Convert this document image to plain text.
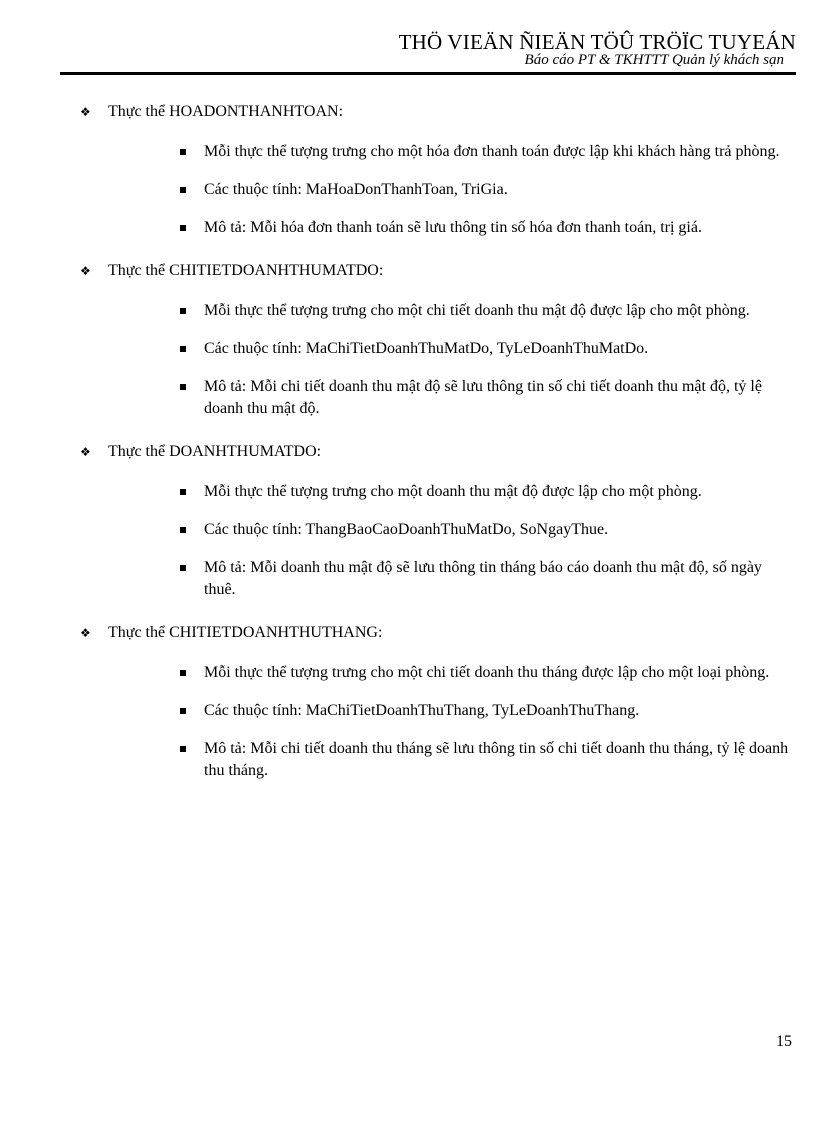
THÖ VIEÄN ÑIEÄN TÖÛ TRÖÏC TUYEÁN
Báo cáo PT & TKHTTT Quản lý khách sạn
❖ Thực thể HOADONTHANHTOAN:
Mỗi thực thể tượng trưng cho một hóa đơn thanh toán được lập khi khách hàng trả phòng.
Các thuộc tính: MaHoaDonThanhToan, TriGia.
Mô tả: Mỗi hóa đơn thanh toán sẽ lưu thông tin số hóa đơn thanh toán, trị giá.
❖ Thực thể CHITIETDOANHTHUMATDO:
Mỗi thực thể tượng trưng cho một chi tiết doanh thu mật độ được lập cho một phòng.
Các thuộc tính: MaChiTietDoanhThuMatDo, TyLeDoanhThuMatDo.
Mô tả: Mỗi chi tiết doanh thu mật độ sẽ lưu thông tin số chi tiết doanh thu mật độ, tỷ lệ doanh thu mật độ.
❖ Thực thể DOANHTHUMATDO:
Mỗi thực thể tượng trưng cho một doanh thu mật độ được lập cho một phòng.
Các thuộc tính: ThangBaoCaoDoanhThuMatDo, SoNgayThue.
Mô tả: Mỗi doanh thu mật độ sẽ lưu thông tin tháng báo cáo doanh thu mật độ, số ngày thuê.
❖ Thực thể CHITIETDOANHTHUTHANG:
Mỗi thực thể tượng trưng cho một chi tiết doanh thu tháng được lập cho một loại phòng.
Các thuộc tính: MaChiTietDoanhThuThang, TyLeDoanhThuThang.
Mô tả: Mỗi chi tiết doanh thu tháng sẽ lưu thông tin số chi tiết doanh thu tháng, tỷ lệ doanh thu tháng.
15
